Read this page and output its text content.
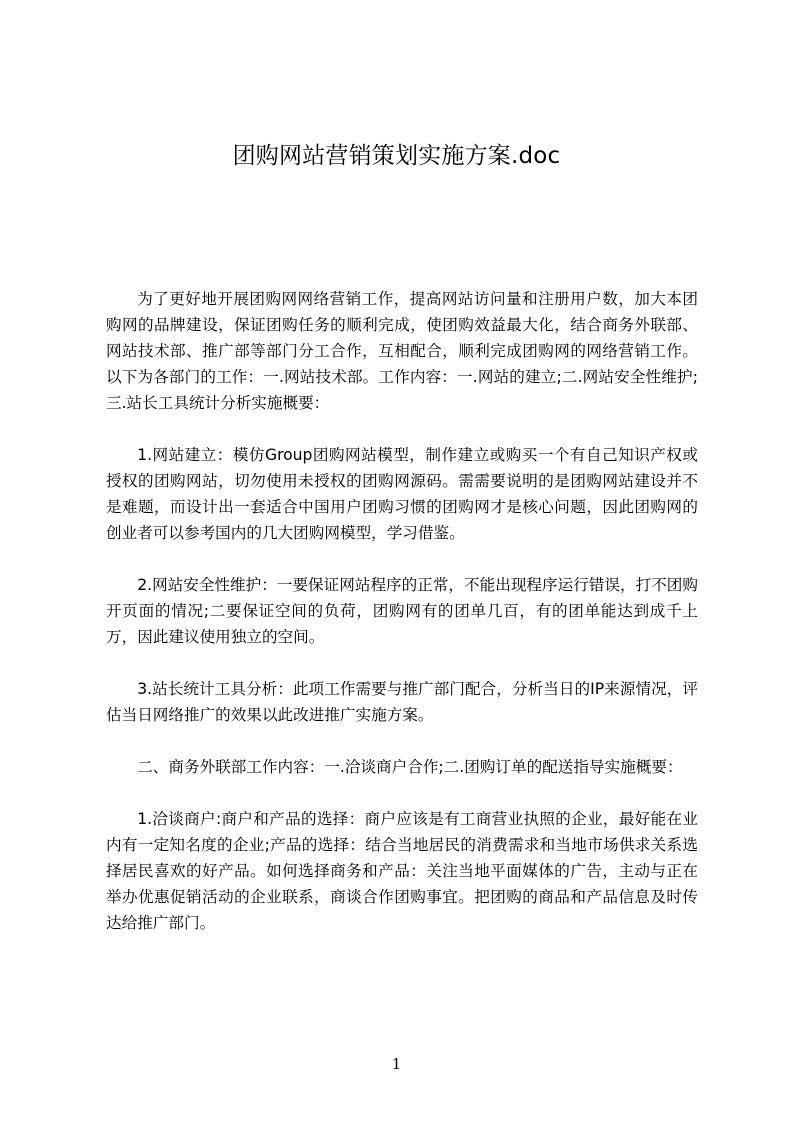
团购网站营销策划实施方案.doc

为了更好地开展团购网网络营销工作，提高网站访问量和注册用户数，加大本团购网的品牌建设，保证团购任务的顺利完成，使团购效益最大化，结合商务外联部、网站技术部、推广部等部门分工合作，互相配合，顺利完成团购网的网络营销工作。以下为各部门的工作：一.网站技术部。工作内容：一.网站的建立;二.网站安全性维护;三.站长工具统计分析实施概要：

1.网站建立：模仿Group团购网站模型，制作建立或购买一个有自己知识产权或授权的团购网站，切勿使用未授权的团购网源码。需需要说明的是团购网站建设并不是难题，而设计出一套适合中国用户团购习惯的团购网才是核心问题，因此团购网的创业者可以参考国内的几大团购网模型，学习借鉴。

2.网站安全性维护：一要保证网站程序的正常，不能出现程序运行错误，打不团购开页面的情况;二要保证空间的负荷，团购网有的团单几百，有的团单能达到成千上万，因此建议使用独立的空间。

3.站长统计工具分析：此项工作需要与推广部门配合，分析当日的IP来源情况，评估当日网络推广的效果以此改进推广实施方案。

二、商务外联部工作内容：一.洽谈商户合作;二.团购订单的配送指导实施概要：

1.洽谈商户:商户和产品的选择：商户应该是有工商营业执照的企业，最好能在业内有一定知名度的企业;产品的选择：结合当地居民的消费需求和当地市场供求关系选择居民喜欢的好产品。如何选择商务和产品：关注当地平面媒体的广告，主动与正在举办优惠促销活动的企业联系，商谈合作团购事宜。把团购的商品和产品信息及时传达给推广部门。

1
